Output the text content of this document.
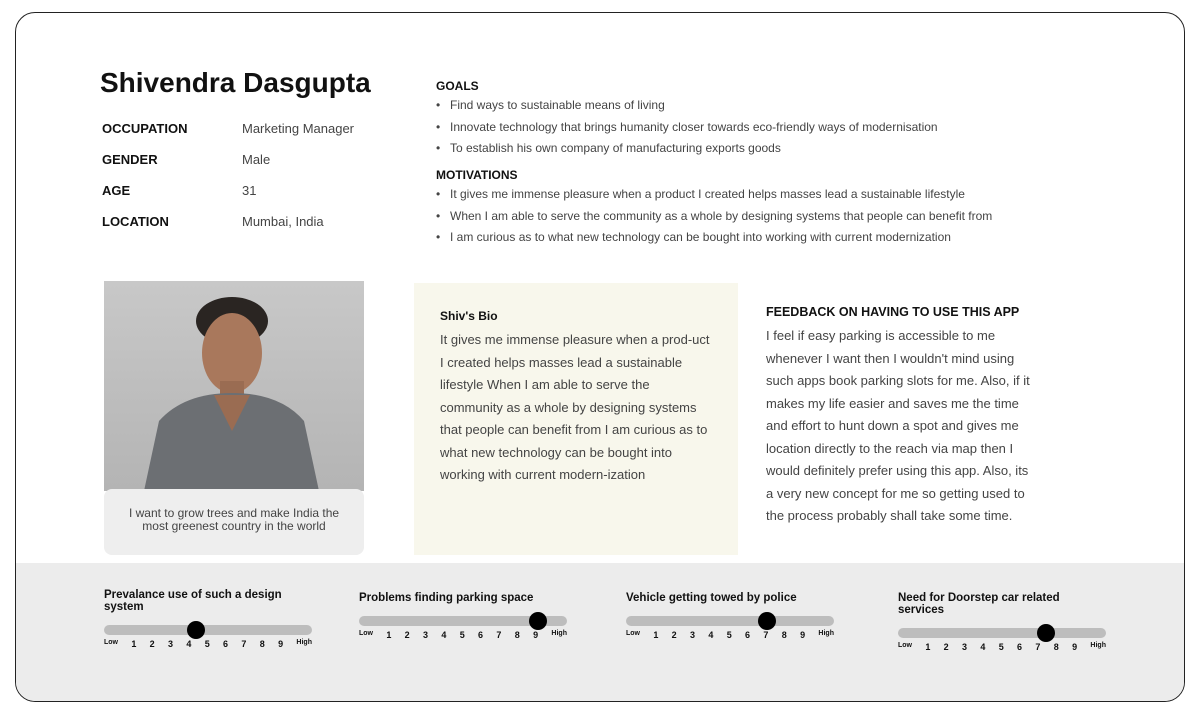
Shivendra Dasgupta
OCCUPATION	Marketing Manager
GENDER	Male
AGE	31
LOCATION	Mumbai, India
GOALS
• Find ways to sustainable means of living
• Innovate technology that brings humanity closer towards eco-friendly ways of modernisation
• To establish his own company of manufacturing exports goods
MOTIVATIONS
• It gives me immense pleasure when a product I created helps masses lead a sustainable lifestyle
• When I am able to serve the community as a whole by designing systems that people can benefit from
• I am curious as to what new technology can be bought into working with current modernization
I want to grow trees and make India the most greenest country in the world
Shiv's Bio

It gives me immense pleasure when a prod-uct I created helps masses lead a sustainable lifestyle When I am able to serve the community as a whole by designing systems that people can benefit from I am curious as to what new technology can be bought into working with current modern-ization

FEEDBACK ON HAVING TO USE THIS APP

I feel if easy parking is accessible to me whenever I want then I wouldn't mind using such apps book parking slots for me. Also, if it makes my life easier and saves me the time and effort to hunt down a spot and gives me location directly to the reach via map then I would definitely prefer using this app. Also, its a very new concept for me so getting used to the process probably shall take some time.

Prevalance use of such a design system
Low 1 2 3 4 5 6 7 8 9 High
Problems finding parking space
Low 1 2 3 4 5 6 7 8 9 High
Vehicle getting towed by police
Low 1 2 3 4 5 6 7 8 9 High
Need for Doorstep car related services
Low 1 2 3 4 5 6 7 8 9 High
